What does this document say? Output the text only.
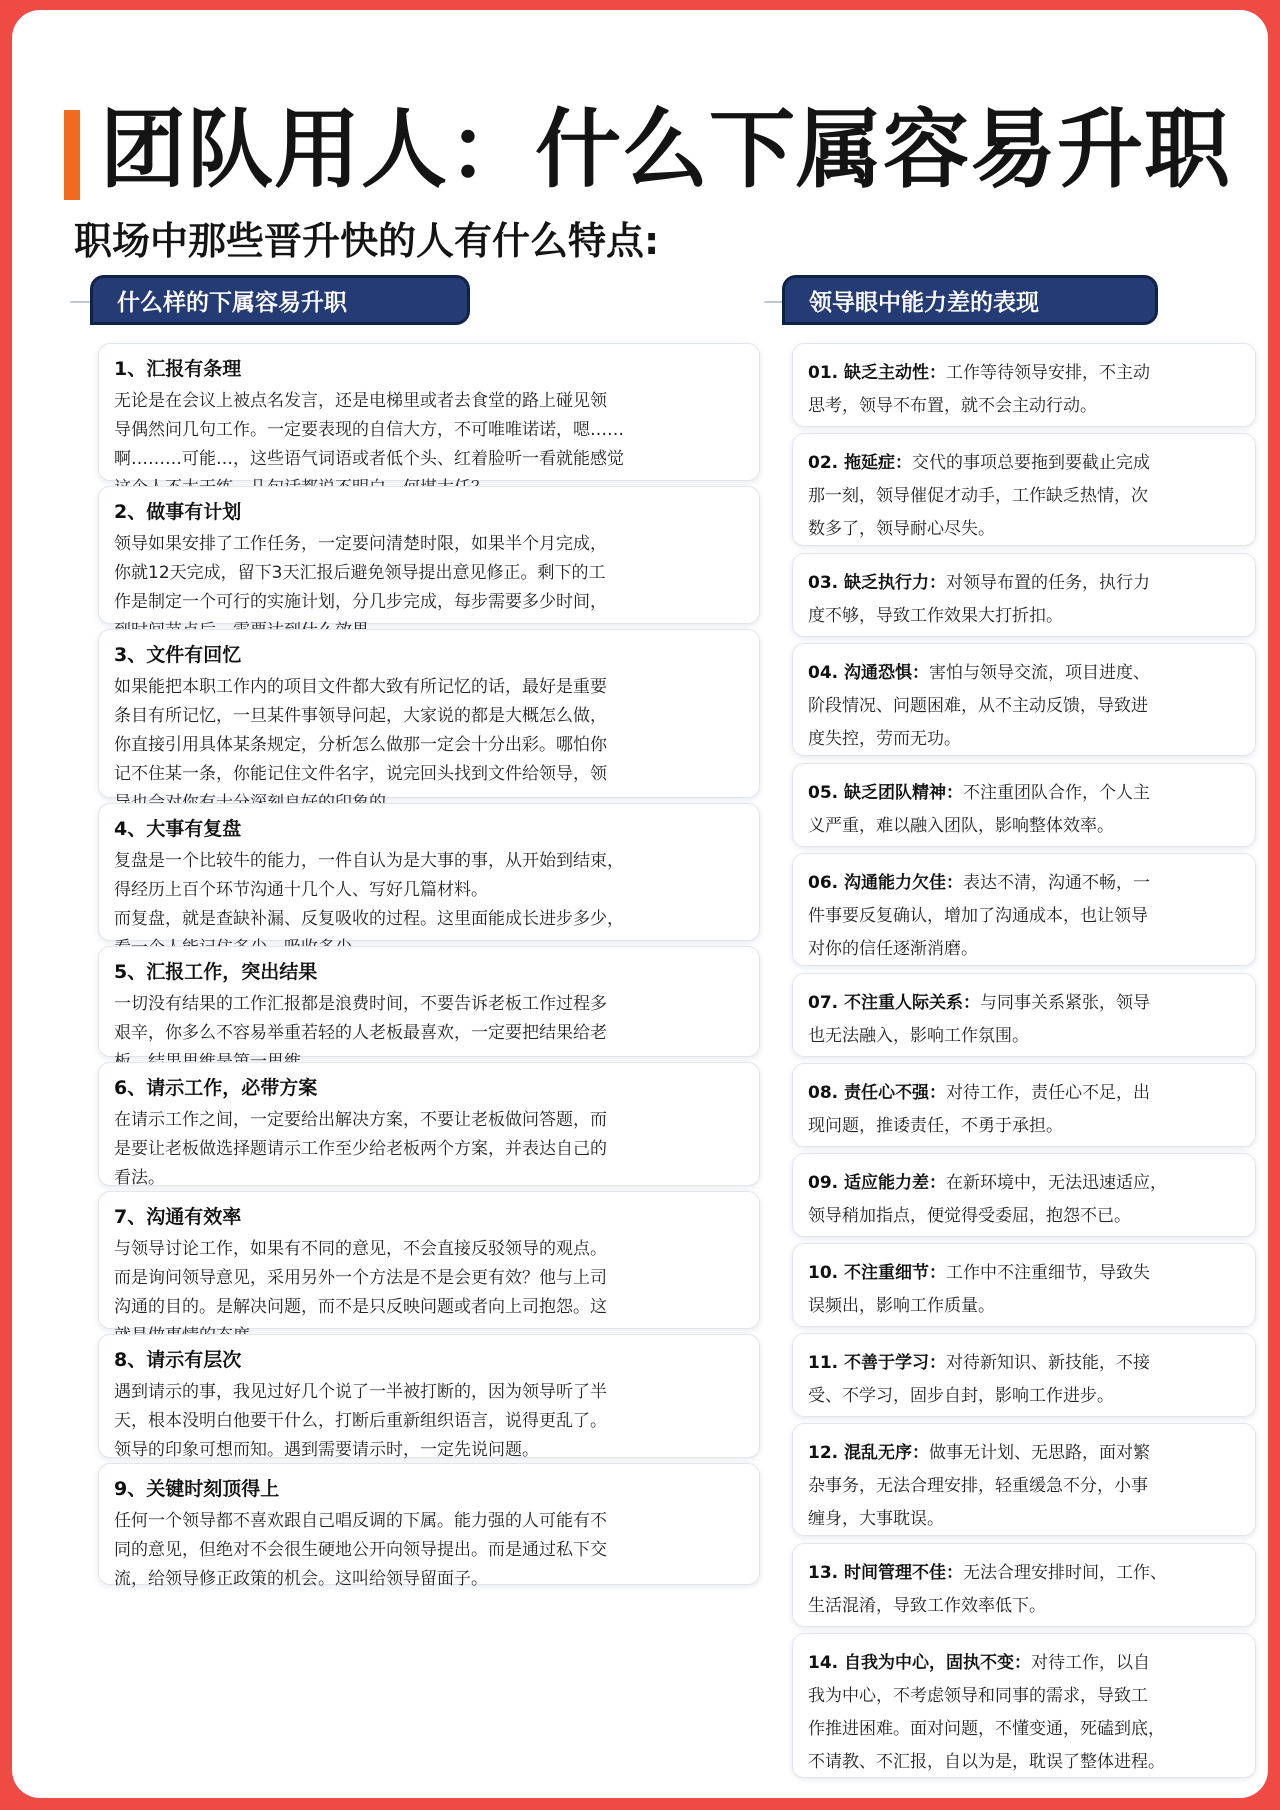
团队用人：什么下属容易升职
职场中那些晋升快的人有什么特点:
什么样的下属容易升职
1、汇报有条理

无论是在会议上被点名发言，还是电梯里或者去食堂的路上碰见领

导偶然问几句工作。一定要表现的自信大方，不可唯唯诺诺，嗯……

啊………可能…，这些语气词语或者低个头、红着脸听一看就能感觉

2、做事有计划

领导如果安排了工作任务，一定要问清楚时限，如果半个月完成，

你就12天完成，留下3天汇报后避免领导提出意见修正。剩下的工

作是制定一个可行的实施计划，分几步完成，每步需要多少时间，

3、文件有回忆

如果能把本职工作内的项目文件都大致有所记忆的话，最好是重要

条目有所记忆，一旦某件事领导问起，大家说的都是大概怎么做，

你直接引用具体某条规定，分析怎么做那一定会十分出彩。哪怕你

记不住某一条，你能记住文件名字，说完回头找到文件给领导，领

4、大事有复盘

复盘是一个比较牛的能力，一件自认为是大事的事，从开始到结束，

得经历上百个环节沟通十几个人、写好几篇材料。

而复盘，就是查缺补漏、反复吸收的过程。这里面能成长进步多少，

5、汇报工作，突出结果

一切没有结果的工作汇报都是浪费时间，不要告诉老板工作过程多

艰辛，你多么不容易举重若轻的人老板最喜欢，一定要把结果给老

6、请示工作，必带方案

在请示工作之间，一定要给出解决方案，不要让老板做问答题，而

是要让老板做选择题请示工作至少给老板两个方案，并表达自己的

看法。

7、沟通有效率

与领导讨论工作，如果有不同的意见，不会直接反驳领导的观点。

而是询问领导意见，采用另外一个方法是不是会更有效？他与上司

沟通的目的。是解决问题，而不是只反映问题或者向上司抱怨。这

8、请示有层次

遇到请示的事，我见过好几个说了一半被打断的，因为领导听了半

天，根本没明白他要干什么，打断后重新组织语言，说得更乱了。

领导的印象可想而知。遇到需要请示时，一定先说问题。

9、关键时刻顶得上

任何一个领导都不喜欢跟自己唱反调的下属。能力强的人可能有不

同的意见，但绝对不会很生硬地公开向领导提出。而是通过私下交

流，给领导修正政策的机会。这叫给领导留面子。

领导眼中能力差的表现
01. 缺乏主动性：工作等待领导安排，不主动
思考，领导不布置，就不会主动行动。
02. 拖延症：交代的事项总要拖到要截止完成
那一刻，领导催促才动手，工作缺乏热情，次
数多了，领导耐心尽失。
03. 缺乏执行力：对领导布置的任务，执行力
度不够，导致工作效果大打折扣。
04. 沟通恐惧：害怕与领导交流，项目进度、
阶段情况、问题困难，从不主动反馈，导致进
度失控，劳而无功。
05. 缺乏团队精神：不注重团队合作，个人主
义严重，难以融入团队，影响整体效率。
06. 沟通能力欠佳：表达不清，沟通不畅，一
件事要反复确认，增加了沟通成本，也让领导
对你的信任逐渐消磨。
07. 不注重人际关系：与同事关系紧张，领导
也无法融入，影响工作氛围。
08. 责任心不强：对待工作，责任心不足，出
现问题，推诿责任，不勇于承担。
09. 适应能力差：在新环境中，无法迅速适应，
领导稍加指点，便觉得受委屈，抱怨不已。
10. 不注重细节：工作中不注重细节，导致失
误频出，影响工作质量。
11. 不善于学习：对待新知识、新技能，不接
受、不学习，固步自封，影响工作进步。
12. 混乱无序：做事无计划、无思路，面对繁
杂事务，无法合理安排，轻重缓急不分，小事
缠身，大事耽误。
13. 时间管理不佳：无法合理安排时间，工作、
生活混淆，导致工作效率低下。
14. 自我为中心，固执不变：对待工作，以自
我为中心，不考虑领导和同事的需求，导致工
作推进困难。面对问题，不懂变通，死磕到底，
不请教、不汇报，自以为是，耽误了整体进程。
